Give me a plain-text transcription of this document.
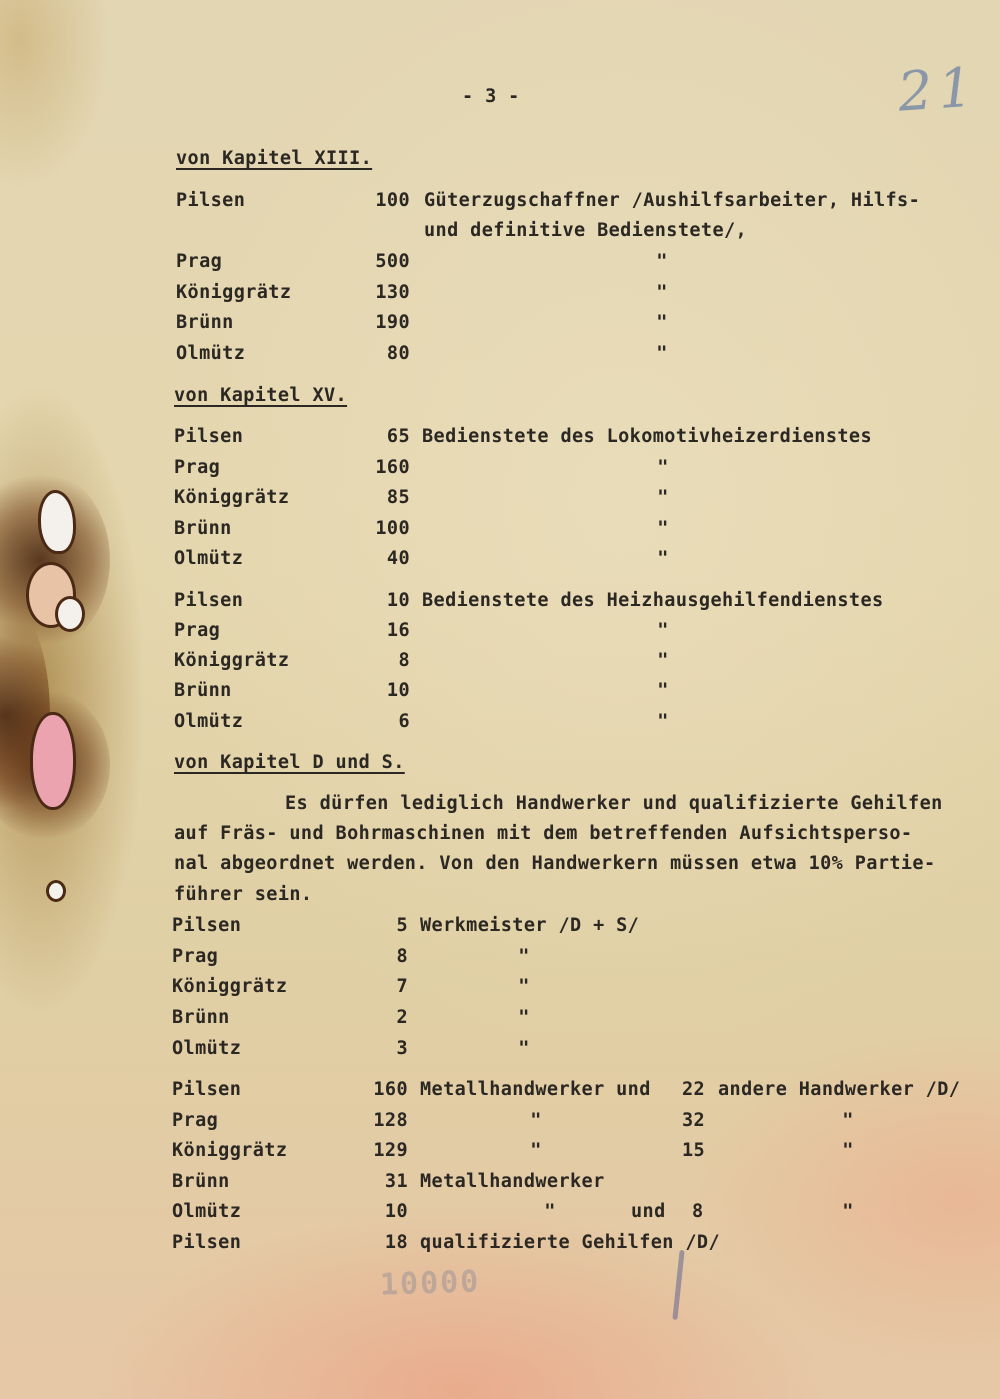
21
10000
- 3 -
von Kapitel XIII.
Pilsen	100 Güterzugschaffner /Aushilfsarbeiter, Hilfs-
und definitive Bedienstete/,
Prag	500	"
Königgrätz	130	"
Brünn	190	"
Olmütz	80	"
von Kapitel XV.
Pilsen	65 Bedienstete des Lokomotivheizerdienstes
Prag	160	"
Königgrätz	85	"
Brünn	100	"
Olmütz	40	"
Pilsen	10 Bedienstete des Heizhausgehilfendienstes
Prag	16	"
Königgrätz	8	"
Brünn	10	"
Olmütz	6	"
von Kapitel D und S.
Es dürfen lediglich Handwerker und qualifizierte Gehilfen
auf Fräs- und Bohrmaschinen mit dem betreffenden Aufsichtsperso-
nal abgeordnet werden. Von den Handwerkern müssen etwa 10% Partie-
führer sein.
Pilsen	5 Werkmeister /D + S/
Prag	8	"
Königgrätz	7	"
Brünn	2	"
Olmütz	3	"
Pilsen	160 Metallhandwerker und 22 andere Handwerker /D/
Prag	128	"	32	"
Königgrätz	129	"	15	"
Brünn	31 Metallhandwerker
Olmütz	10	"	und 8	"
Pilsen	18 qualifizierte Gehilfen /D/
